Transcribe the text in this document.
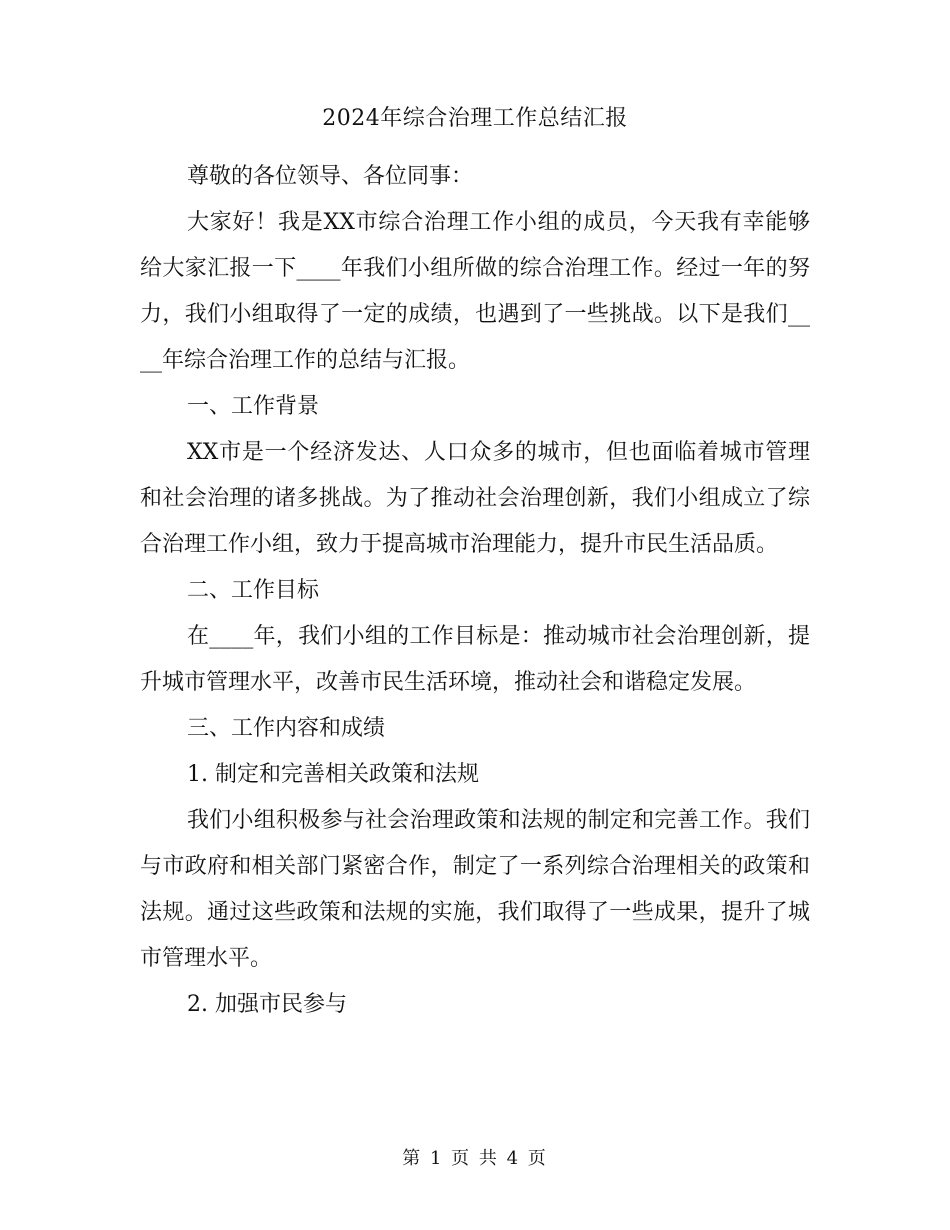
2024年综合治理工作总结汇报

尊敬的各位领导、各位同事：

大家好！我是XX市综合治理工作小组的成员，今天我有幸能够给大家汇报一下____年我们小组所做的综合治理工作。经过一年的努力，我们小组取得了一定的成绩，也遇到了一些挑战。以下是我们____年综合治理工作的总结与汇报。

一、工作背景

XX市是一个经济发达、人口众多的城市，但也面临着城市管理和社会治理的诸多挑战。为了推动社会治理创新，我们小组成立了综合治理工作小组，致力于提高城市治理能力，提升市民生活品质。

二、工作目标

在____年，我们小组的工作目标是：推动城市社会治理创新，提升城市管理水平，改善市民生活环境，推动社会和谐稳定发展。

三、工作内容和成绩

1. 制定和完善相关政策和法规

我们小组积极参与社会治理政策和法规的制定和完善工作。我们与市政府和相关部门紧密合作，制定了一系列综合治理相关的政策和法规。通过这些政策和法规的实施，我们取得了一些成果，提升了城市管理水平。

2. 加强市民参与

第 1 页 共 4 页
